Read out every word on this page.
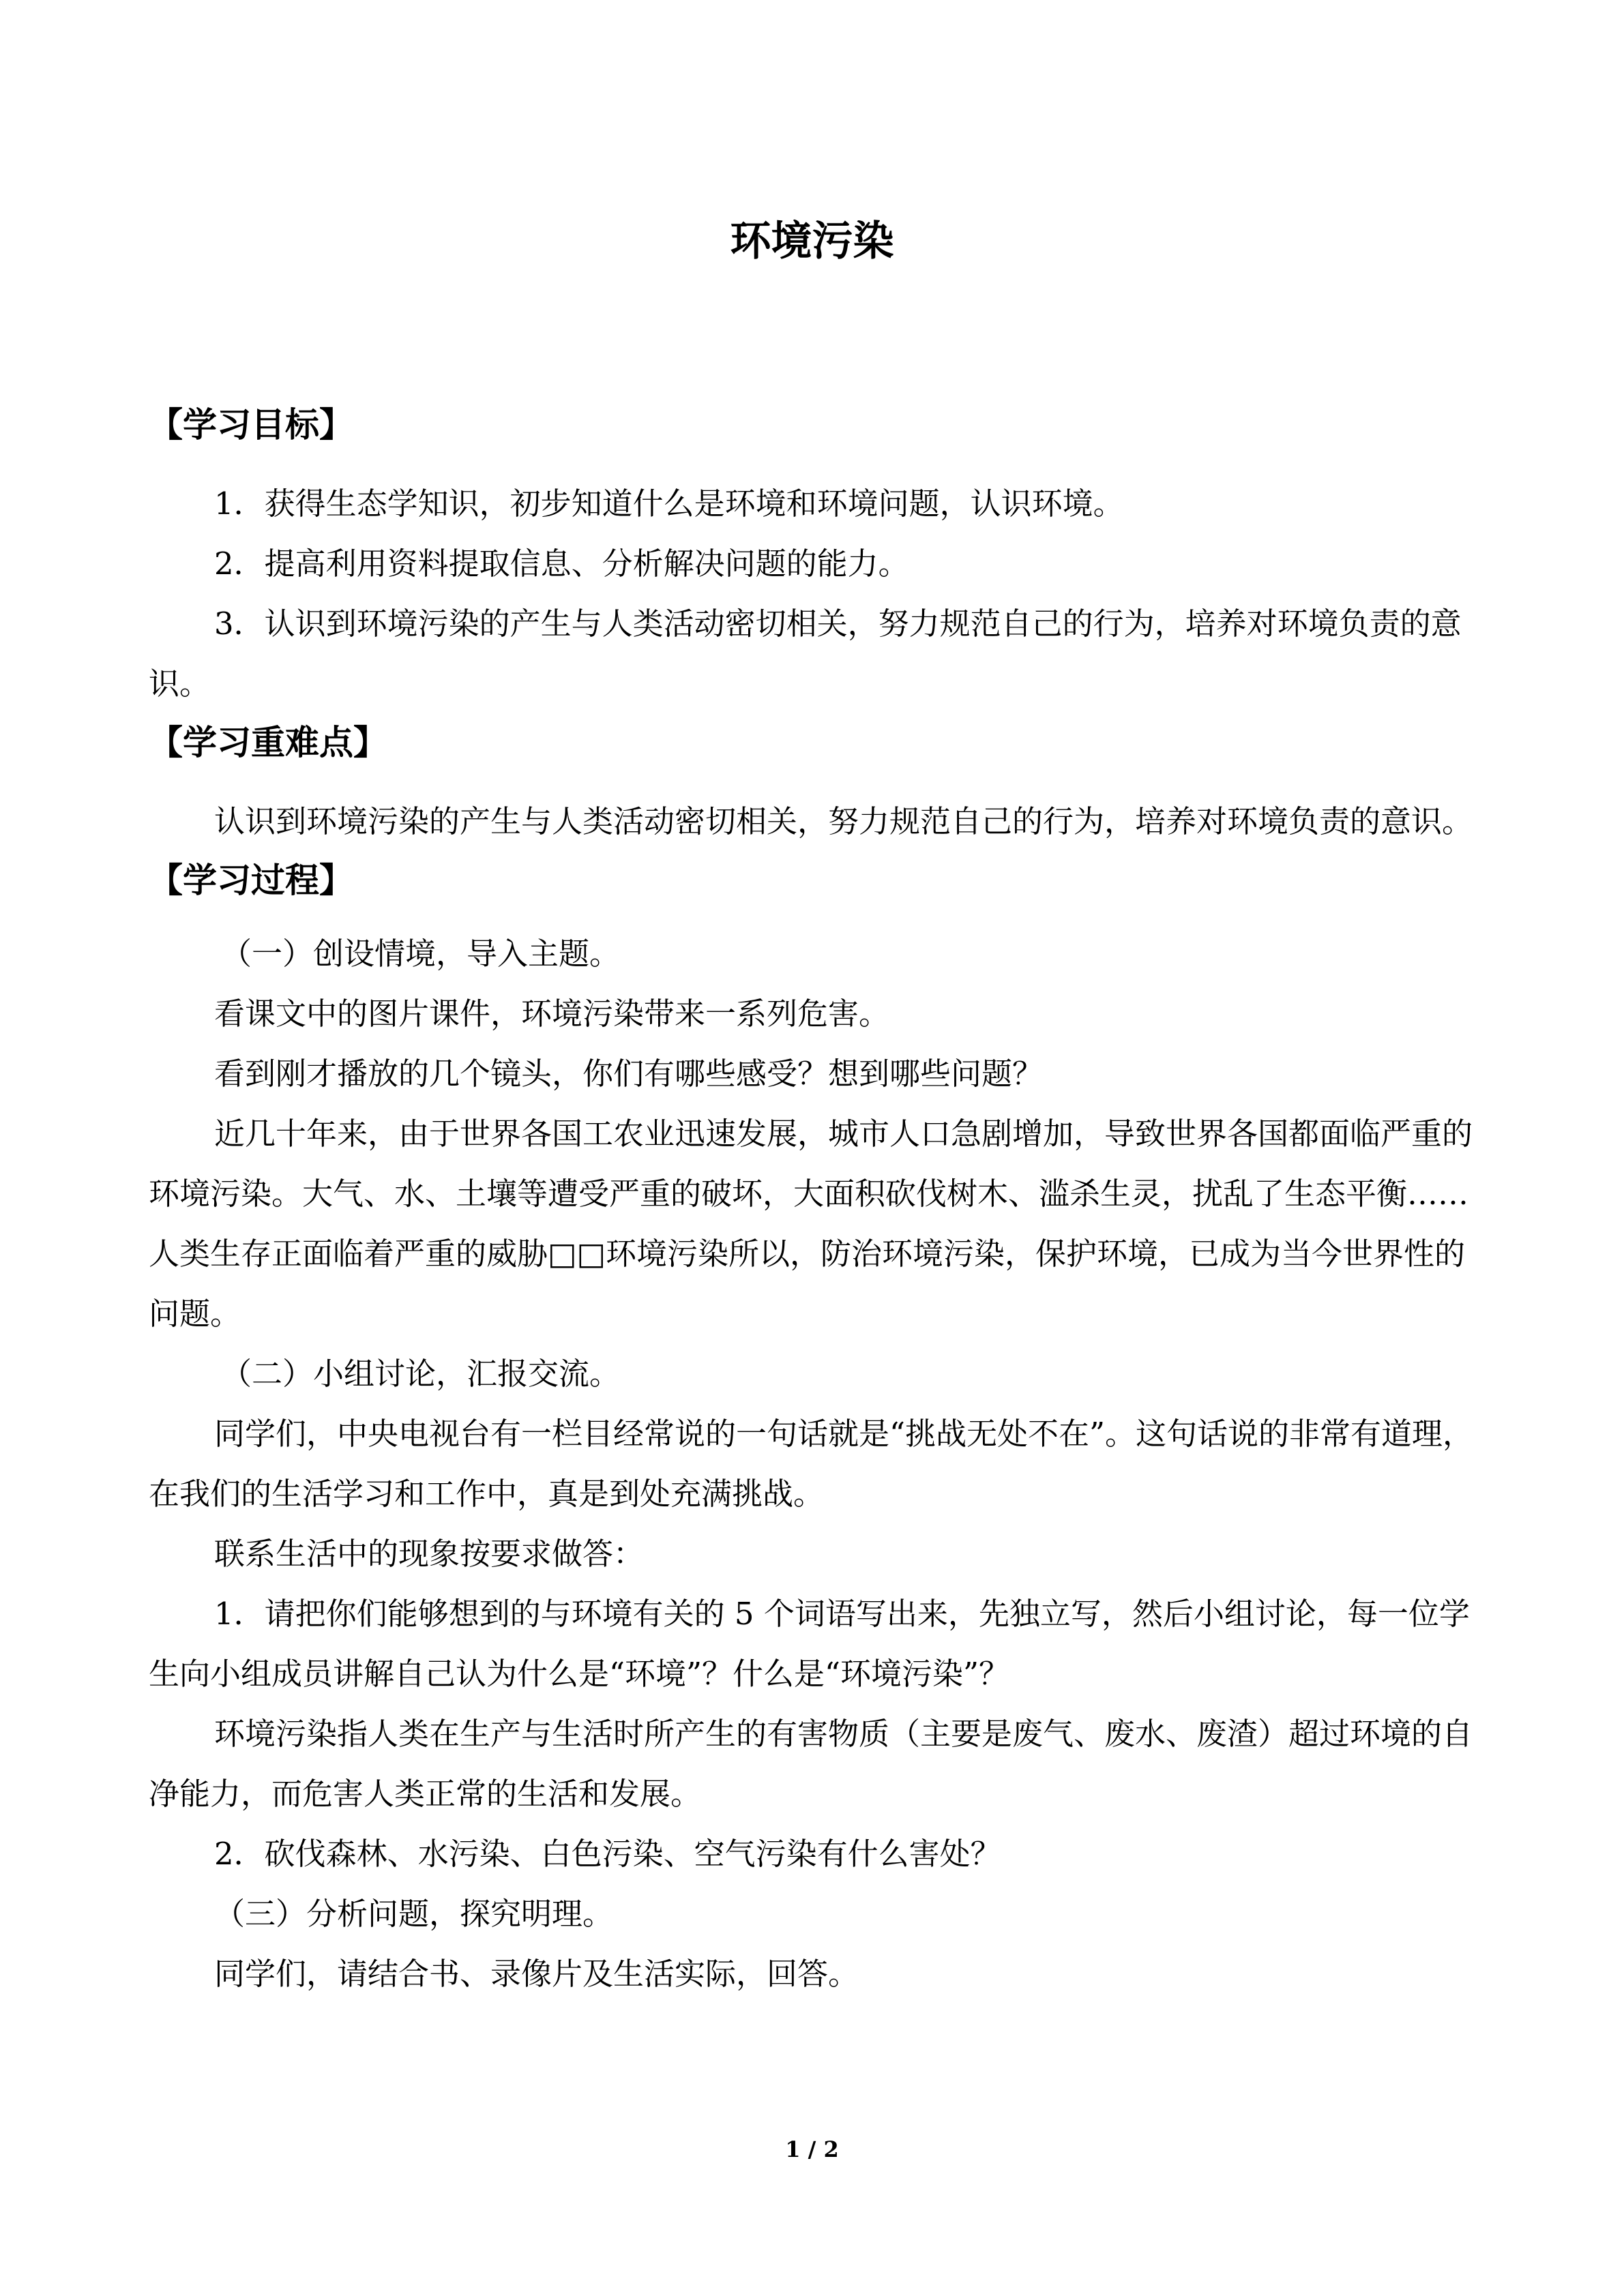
环境污染
【学习目标】

1．获得生态学知识，初步知道什么是环境和环境问题，认识环境。

2．提高利用资料提取信息、分析解决问题的能力。

3．认识到环境污染的产生与人类活动密切相关，努力规范自己的行为，培养对环境负责的意识。

【学习重难点】

认识到环境污染的产生与人类活动密切相关，努力规范自己的行为，培养对环境负责的意识。

【学习过程】

（一）创设情境，导入主题。

看课文中的图片课件，环境污染带来一系列危害。

看到刚才播放的几个镜头，你们有哪些感受？想到哪些问题？

近几十年来，由于世界各国工农业迅速发展，城市人口急剧增加，导致世界各国都面临严重的环境污染。大气、水、土壤等遭受严重的破坏，大面积砍伐树木、滥杀生灵，扰乱了生态平衡……人类生存正面临着严重的威胁□□环境污染所以，防治环境污染，保护环境，已成为当今世界性的问题。

（二）小组讨论，汇报交流。

同学们，中央电视台有一栏目经常说的一句话就是“挑战无处不在”。这句话说的非常有道理，在我们的生活学习和工作中，真是到处充满挑战。

联系生活中的现象按要求做答：

1．请把你们能够想到的与环境有关的 5 个词语写出来，先独立写，然后小组讨论，每一位学生向小组成员讲解自己认为什么是“环境”？什么是“环境污染”？

环境污染指人类在生产与生活时所产生的有害物质（主要是废气、废水、废渣）超过环境的自净能力，而危害人类正常的生活和发展。

2．砍伐森林、水污染、白色污染、空气污染有什么害处？

（三）分析问题，探究明理。

同学们，请结合书、录像片及生活实际，回答。

1 / 2
